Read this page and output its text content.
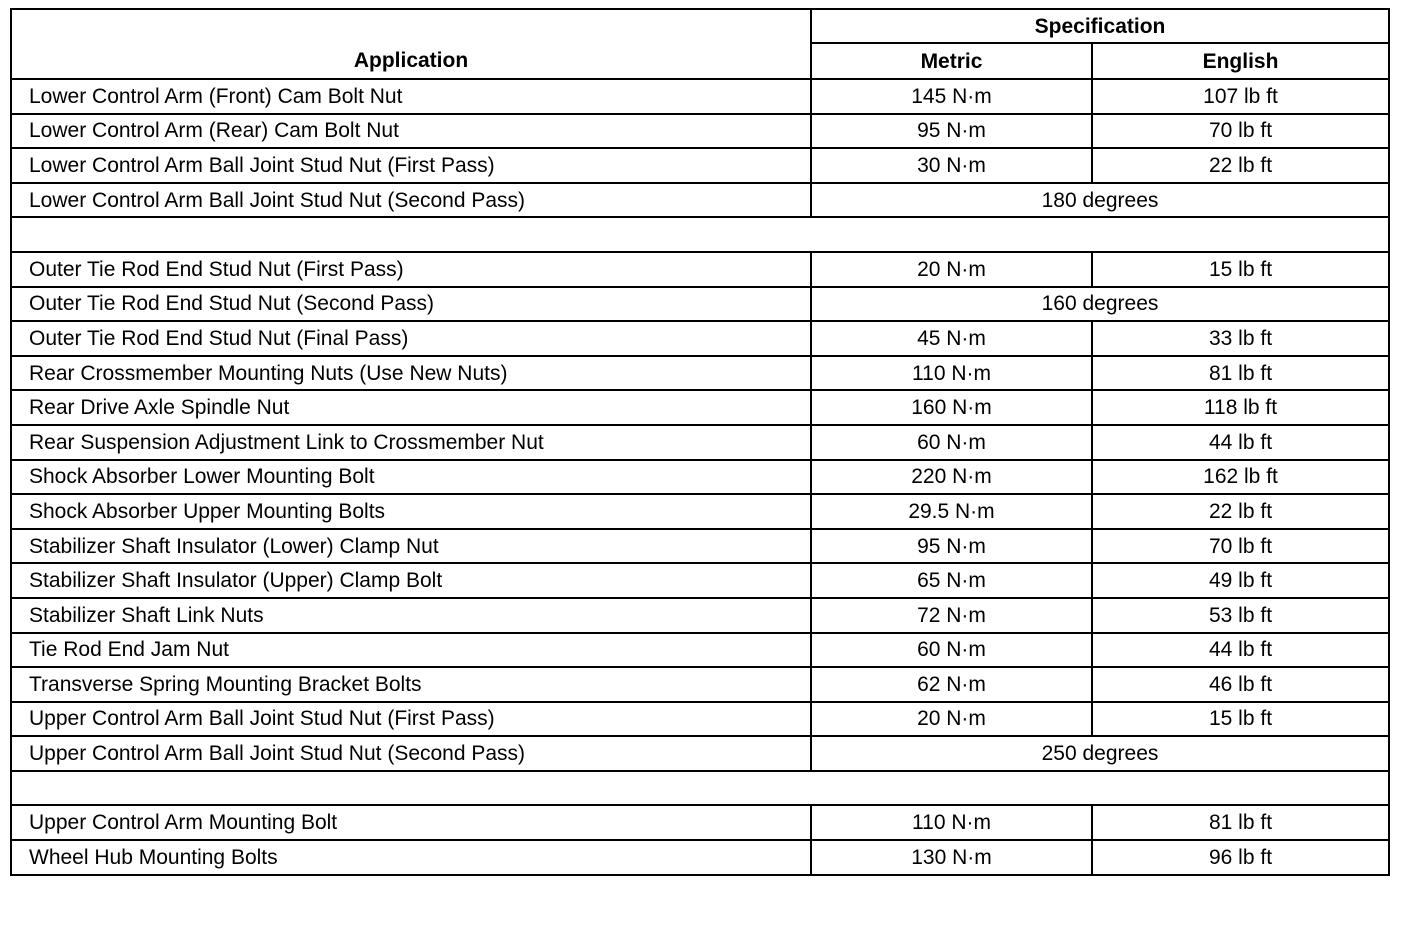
Application	Specification	
	Metric	English
Lower Control Arm (Front) Cam Bolt Nut	145 N·m	107 lb ft
Lower Control Arm (Rear) Cam Bolt Nut	95 N·m	70 lb ft
Lower Control Arm Ball Joint Stud Nut (First Pass)	30 N·m	22 lb ft
Lower Control Arm Ball Joint Stud Nut (Second Pass)	180 degrees	

Outer Tie Rod End Stud Nut (First Pass)	20 N·m	15 lb ft
Outer Tie Rod End Stud Nut (Second Pass)	160 degrees	
Outer Tie Rod End Stud Nut (Final Pass)	45 N·m	33 lb ft
Rear Crossmember Mounting Nuts (Use New Nuts)	110 N·m	81 lb ft
Rear Drive Axle Spindle Nut	160 N·m	118 lb ft
Rear Suspension Adjustment Link to Crossmember Nut	60 N·m	44 lb ft
Shock Absorber Lower Mounting Bolt	220 N·m	162 lb ft
Shock Absorber Upper Mounting Bolts	29.5 N·m	22 lb ft
Stabilizer Shaft Insulator (Lower) Clamp Nut	95 N·m	70 lb ft
Stabilizer Shaft Insulator (Upper) Clamp Bolt	65 N·m	49 lb ft
Stabilizer Shaft Link Nuts	72 N·m	53 lb ft
Tie Rod End Jam Nut	60 N·m	44 lb ft
Transverse Spring Mounting Bracket Bolts	62 N·m	46 lb ft
Upper Control Arm Ball Joint Stud Nut (First Pass)	20 N·m	15 lb ft
Upper Control Arm Ball Joint Stud Nut (Second Pass)	250 degrees	

Upper Control Arm Mounting Bolt	110 N·m	81 lb ft
Wheel Hub Mounting Bolts	130 N·m	96 lb ft
